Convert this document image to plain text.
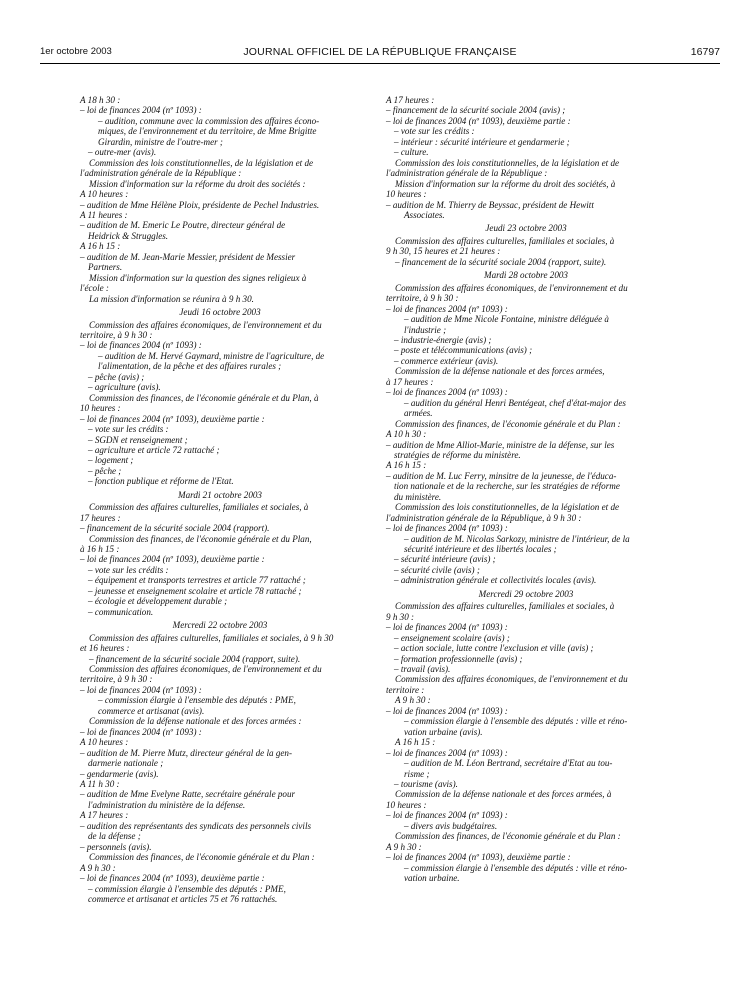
1er octobre 2003	JOURNAL OFFICIEL DE LA RÉPUBLIQUE FRANÇAISE	16797
A 18 h 30 :
– loi de finances 2004 (nº 1093) :
– audition, commune avec la commission des affaires écono-
miques, de l'environnement et du territoire, de Mme Brigitte
Girardin, ministre de l'outre-mer ;
– outre-mer (avis).
Commission des lois constitutionnelles, de la législation et de
l'administration générale de la République :
Mission d'information sur la réforme du droit des sociétés :
A 10 heures :
– audition de Mme Hélène Ploix, présidente de Pechel Industries.
A 11 heures :
– audition de M. Emeric Le Poutre, directeur général de
Heidrick & Struggles.
A 16 h 15 :
– audition de M. Jean-Marie Messier, président de Messier
Partners.
Mission d'information sur la question des signes religieux à
l'école :
La mission d'information se réunira à 9 h 30.
Jeudi 16 octobre 2003
Commission des affaires économiques, de l'environnement et du
territoire, à 9 h 30 :
– loi de finances 2004 (nº 1093) :
– audition de M. Hervé Gaymard, ministre de l'agriculture, de
l'alimentation, de la pêche et des affaires rurales ;
– pêche (avis) ;
– agriculture (avis).
Commission des finances, de l'économie générale et du Plan, à
10 heures :
– loi de finances 2004 (nº 1093), deuxième partie :
– vote sur les crédits :
– SGDN et renseignement ;
– agriculture et article 72 rattaché ;
– logement ;
– pêche ;
– fonction publique et réforme de l'Etat.
Mardi 21 octobre 2003
Commission des affaires culturelles, familiales et sociales, à
17 heures :
– financement de la sécurité sociale 2004 (rapport).
Commission des finances, de l'économie générale et du Plan,
à 16 h 15 :
– loi de finances 2004 (nº 1093), deuxième partie :
– vote sur les crédits :
– équipement et transports terrestres et article 77 rattaché ;
– jeunesse et enseignement scolaire et article 78 rattaché ;
– écologie et développement durable ;
– communication.
Mercredi 22 octobre 2003
Commission des affaires culturelles, familiales et sociales, à 9 h 30
et 16 heures :
– financement de la sécurité sociale 2004 (rapport, suite).
Commission des affaires économiques, de l'environnement et du
territoire, à 9 h 30 :
– loi de finances 2004 (nº 1093) :
– commission élargie à l'ensemble des députés : PME,
commerce et artisanat (avis).
Commission de la défense nationale et des forces armées :
– loi de finances 2004 (nº 1093) :
A 10 heures :
– audition de M. Pierre Mutz, directeur général de la gen-
darmerie nationale ;
– gendarmerie (avis).
A 11 h 30 :
– audition de Mme Evelyne Ratte, secrétaire générale pour
l'administration du ministère de la défense.
A 17 heures :
– audition des représentants des syndicats des personnels civils
de la défense ;
– personnels (avis).
Commission des finances, de l'économie générale et du Plan :
A 9 h 30 :
– loi de finances 2004 (nº 1093), deuxième partie :
– commission élargie à l'ensemble des députés : PME,
commerce et artisanat et articles 75 et 76 rattachés.
A 17 heures :
– financement de la sécurité sociale 2004 (avis) ;
– loi de finances 2004 (nº 1093), deuxième partie :
– vote sur les crédits :
– intérieur : sécurité intérieure et gendarmerie ;
– culture.
Commission des lois constitutionnelles, de la législation et de
l'administration générale de la République :
Mission d'information sur la réforme du droit des sociétés, à
10 heures :
– audition de M. Thierry de Beyssac, président de Hewitt
Associates.
Jeudi 23 octobre 2003
Commission des affaires culturelles, familiales et sociales, à
9 h 30, 15 heures et 21 heures :
– financement de la sécurité sociale 2004 (rapport, suite).
Mardi 28 octobre 2003
Commission des affaires économiques, de l'environnement et du
territoire, à 9 h 30 :
– loi de finances 2004 (nº 1093) :
– audition de Mme Nicole Fontaine, ministre déléguée à
l'industrie ;
– industrie-énergie (avis) ;
– poste et télécommunications (avis) ;
– commerce extérieur (avis).
Commission de la défense nationale et des forces armées,
à 17 heures :
– loi de finances 2004 (nº 1093) :
– audition du général Henri Bentégeat, chef d'état-major des
armées.
Commission des finances, de l'économie générale et du Plan :
A 10 h 30 :
– audition de Mme Alliot-Marie, ministre de la défense, sur les
stratégies de réforme du ministère.
A 16 h 15 :
– audition de M. Luc Ferry, minsitre de la jeunesse, de l'éduca-
tion nationale et de la recherche, sur les stratégies de réforme
du ministère.
Commission des lois constitutionnelles, de la législation et de
l'administration générale de la République, à 9 h 30 :
– loi de finances 2004 (nº 1093) :
– audition de M. Nicolas Sarkozy, ministre de l'intérieur, de la
sécurité intérieure et des libertés locales ;
– sécurité intérieure (avis) ;
– sécurité civile (avis) ;
– administration générale et collectivités locales (avis).
Mercredi 29 octobre 2003
Commission des affaires culturelles, familiales et sociales, à
9 h 30 :
– loi de finances 2004 (nº 1093) :
– enseignement scolaire (avis) ;
– action sociale, lutte contre l'exclusion et ville (avis) ;
– formation professionnelle (avis) ;
– travail (avis).
Commission des affaires économiques, de l'environnement et du
territoire :
A 9 h 30 :
– loi de finances 2004 (nº 1093) :
– commission élargie à l'ensemble des députés : ville et réno-
vation urbaine (avis).
A 16 h 15 :
– loi de finances 2004 (nº 1093) :
– audition de M. Léon Bertrand, secrétaire d'Etat au tou-
risme ;
– tourisme (avis).
Commission de la défense nationale et des forces armées, à
10 heures :
– loi de finances 2004 (nº 1093) :
– divers avis budgétaires.
Commission des finances, de l'économie générale et du Plan :
A 9 h 30 :
– loi de finances 2004 (nº 1093), deuxième partie :
– commission élargie à l'ensemble des députés : ville et réno-
vation urbaine.
